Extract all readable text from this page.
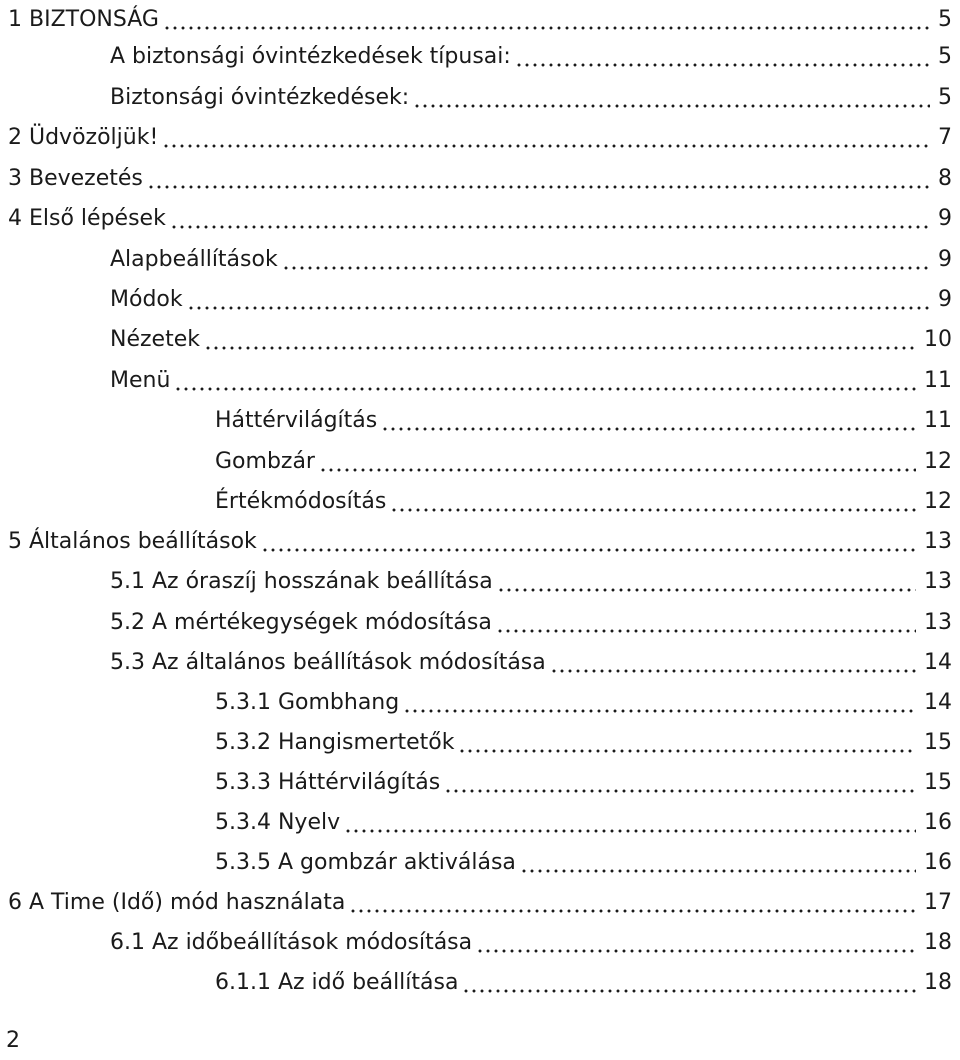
1 BIZTONSÁG	5
A biztonsági óvintézkedések típusai:	5
Biztonsági óvintézkedések:	5
2 Üdvözöljük!	7
3 Bevezetés	8
4 Első lépések	9
Alapbeállítások	9
Módok	9
Nézetek	10
Menü	11
Háttérvilágítás	11
Gombzár	12
Értékmódosítás	12
5 Általános beállítások	13
5.1 Az óraszíj hosszának beállítása	13
5.2 A mértékegységek módosítása	13
5.3 Az általános beállítások módosítása	14
5.3.1 Gombhang	14
5.3.2 Hangismertetők	15
5.3.3 Háttérvilágítás	15
5.3.4 Nyelv	16
5.3.5 A gombzár aktiválása	16
6 A Time (Idő) mód használata	17
6.1 Az időbeállítások módosítása	18
6.1.1 Az idő beállítása	18
2
